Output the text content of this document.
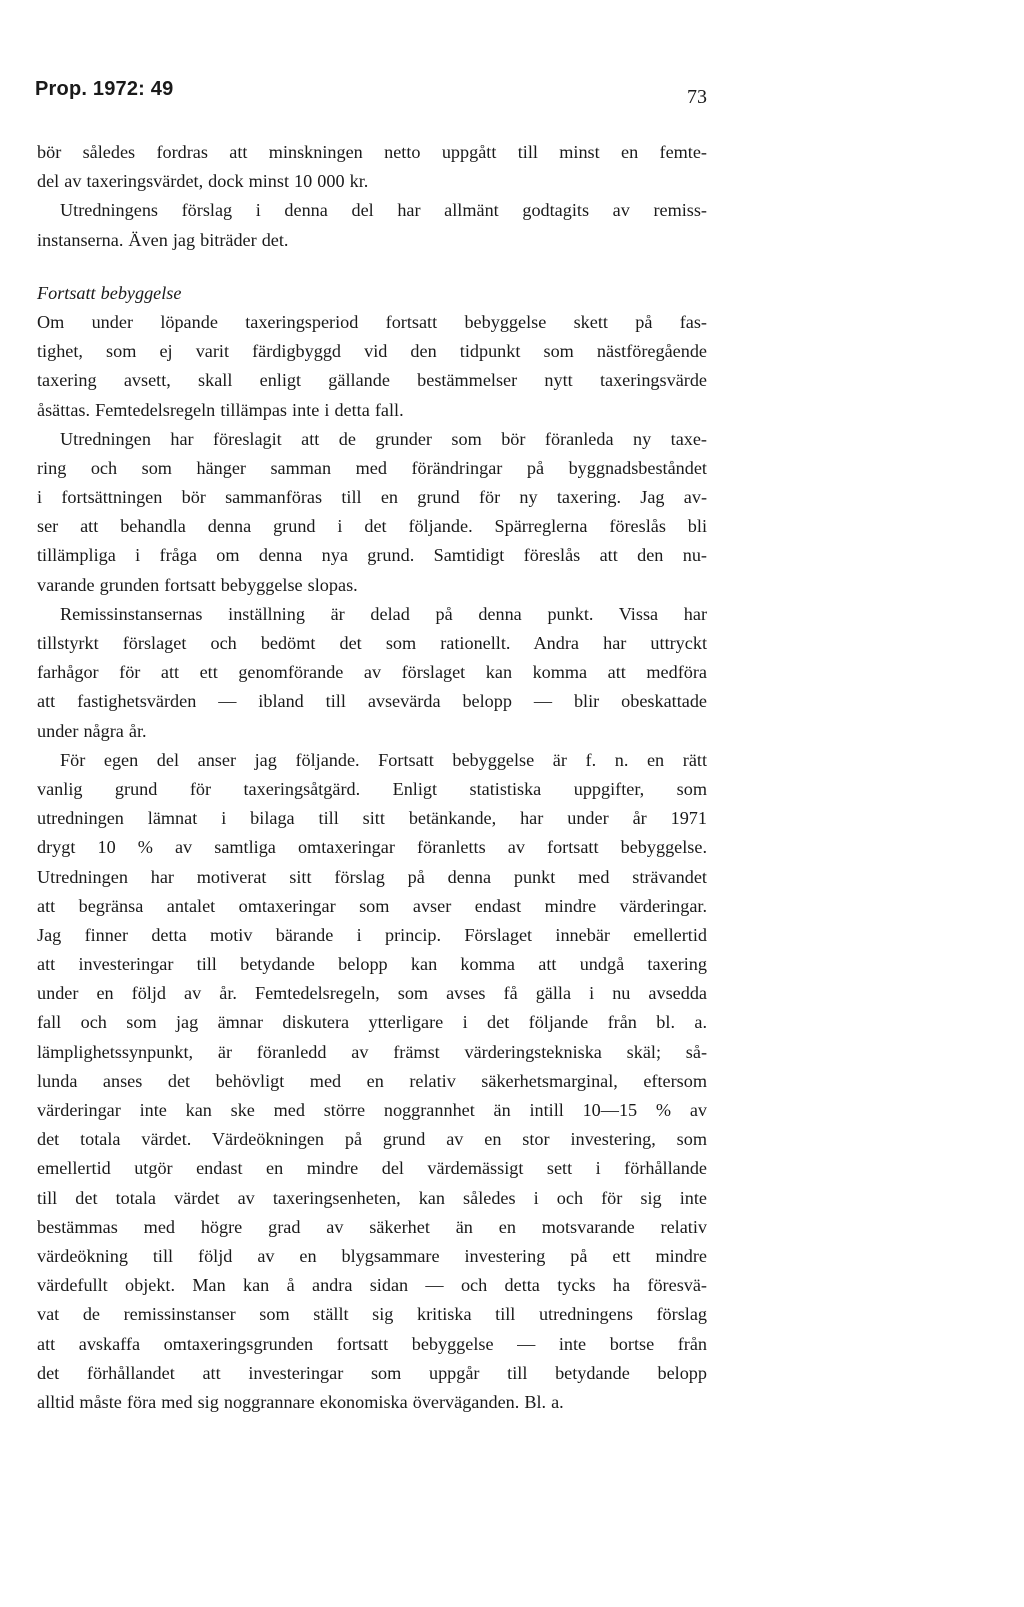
Prop. 1972: 49	73
bör således fordras att minskningen netto uppgått till minst en femte-
del av taxeringsvärdet, dock minst 10 000 kr.
Utredningens förslag i denna del har allmänt godtagits av remiss-
instanserna. Även jag biträder det.
Fortsatt bebyggelse
Om under löpande taxeringsperiod fortsatt bebyggelse skett på fas-
tighet, som ej varit färdigbyggd vid den tidpunkt som nästföregående
taxering avsett, skall enligt gällande bestämmelser nytt taxeringsvärde
åsättas. Femtedelsregeln tillämpas inte i detta fall.
Utredningen har föreslagit att de grunder som bör föranleda ny taxe-
ring och som hänger samman med förändringar på byggnadsbeståndet
i fortsättningen bör sammanföras till en grund för ny taxering. Jag av-
ser att behandla denna grund i det följande. Spärreglerna föreslås bli
tillämpliga i fråga om denna nya grund. Samtidigt föreslås att den nu-
varande grunden fortsatt bebyggelse slopas.
Remissinstansernas inställning är delad på denna punkt. Vissa har
tillstyrkt förslaget och bedömt det som rationellt. Andra har uttryckt
farhågor för att ett genomförande av förslaget kan komma att medföra
att fastighetsvärden — ibland till avsevärda belopp — blir obeskattade
under några år.
För egen del anser jag följande. Fortsatt bebyggelse är f. n. en rätt
vanlig grund för taxeringsåtgärd. Enligt statistiska uppgifter, som
utredningen lämnat i bilaga till sitt betänkande, har under år 1971
drygt 10 % av samtliga omtaxeringar föranletts av fortsatt bebyggelse.
Utredningen har motiverat sitt förslag på denna punkt med strävandet
att begränsa antalet omtaxeringar som avser endast mindre värderingar.
Jag finner detta motiv bärande i princip. Förslaget innebär emellertid
att investeringar till betydande belopp kan komma att undgå taxering
under en följd av år. Femtedelsregeln, som avses få gälla i nu avsedda
fall och som jag ämnar diskutera ytterligare i det följande från bl. a.
lämplighetssynpunkt, är föranledd av främst värderingstekniska skäl; så-
lunda anses det behövligt med en relativ säkerhetsmarginal, eftersom
värderingar inte kan ske med större noggrannhet än intill 10—15 % av
det totala värdet. Värdeökningen på grund av en stor investering, som
emellertid utgör endast en mindre del värdemässigt sett i förhållande
till det totala värdet av taxeringsenheten, kan således i och för sig inte
bestämmas med högre grad av säkerhet än en motsvarande relativ
värdeökning till följd av en blygsammare investering på ett mindre
värdefullt objekt. Man kan å andra sidan — och detta tycks ha föresvä-
vat de remissinstanser som ställt sig kritiska till utredningens förslag
att avskaffa omtaxeringsgrunden fortsatt bebyggelse — inte bortse från
det förhållandet att investeringar som uppgår till betydande belopp
alltid måste föra med sig noggrannare ekonomiska överväganden. Bl. a.
